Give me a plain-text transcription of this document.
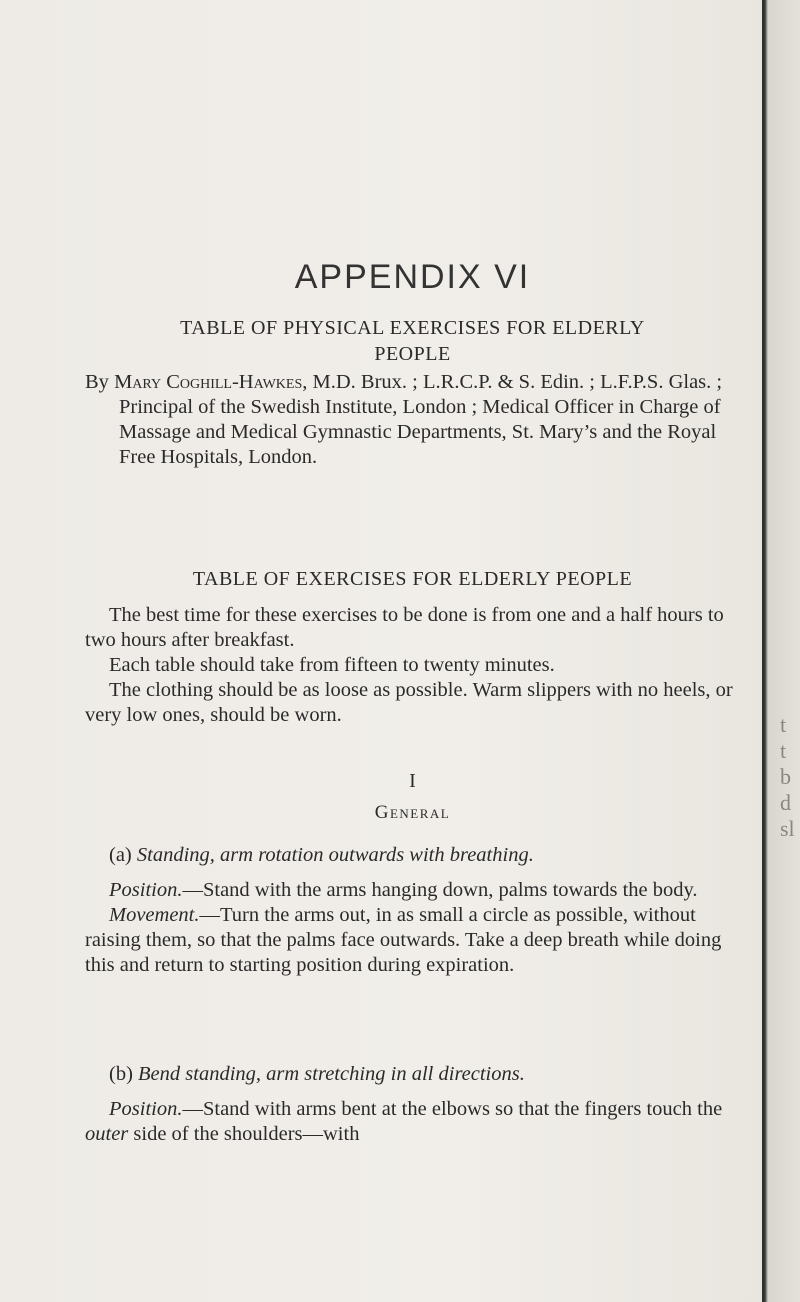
APPENDIX VI
TABLE OF PHYSICAL EXERCISES FOR ELDERLY
PEOPLE

By Mary Coghill-Hawkes, M.D. Brux. ; L.R.C.P. & S. Edin. ; L.F.P.S. Glas. ; Principal of the Swedish Institute, London ; Medical Officer in Charge of Massage and Medical Gymnastic Departments, St. Mary’s and the Royal Free Hospitals, London.

TABLE OF EXERCISES FOR ELDERLY PEOPLE

The best time for these exercises to be done is from one and a half hours to two hours after breakfast.

Each table should take from fifteen to twenty minutes.

The clothing should be as loose as possible. Warm slippers with no heels, or very low ones, should be worn.

I
General

(a) Standing, arm rotation outwards with breathing.

Position.—Stand with the arms hanging down, palms towards the body.

Movement.—Turn the arms out, in as small a circle as possible, without raising them, so that the palms face outwards. Take a deep breath while doing this and return to starting position during expiration.

(b) Bend standing, arm stretching in all directions.

Position.—Stand with arms bent at the elbows so that the fingers touch the outer side of the shoulders—with

t
t
b
d
sl
